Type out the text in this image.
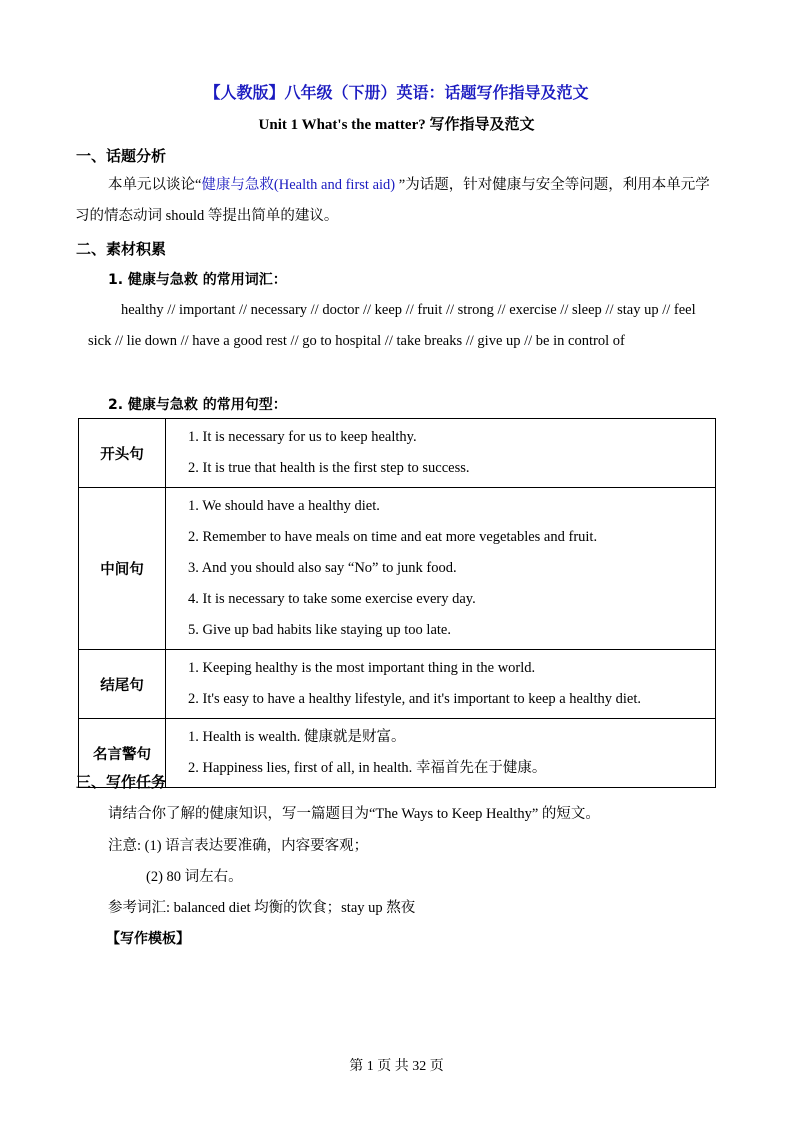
【人教版】八年级（下册）英语：话题写作指导及范文
Unit 1 What's the matter? 写作指导及范文
一、话题分析
本单元以谈论“健康与急救(Health and first aid) ”为话题，针对健康与安全等问题，利用本单元学习的情态动词 should 等提出简单的建议。
二、素材积累
1. 健康与急救 的常用词汇：
healthy // important // necessary // doctor // keep // fruit // strong // exercise // sleep // stay up // feel sick // lie down // have a good rest // go to hospital // take breaks // give up // be in control of
2. 健康与急救 的常用句型：
开头句	1. It is necessary for us to keep healthy.
2. It is true that health is the first step to success.

中间句	1. We should have a healthy diet.
2. Remember to have meals on time and eat more vegetables and fruit.
3. And you should also say “No” to junk food.
4. It is necessary to take some exercise every day.
5. Give up bad habits like staying up too late.

结尾句	1. Keeping healthy is the most important thing in the world.
2. It's easy to have a healthy lifestyle, and it's important to keep a healthy diet.

名言警句	1. Health is wealth. 健康就是财富。
2. Happiness lies, first of all, in health. 幸福首先在于健康。
三、写作任务
请结合你了解的健康知识，写一篇题目为“The Ways to Keep Healthy” 的短文。
注意: (1) 语言表达要准确，内容要客观；
(2) 80 词左右。
参考词汇: balanced diet 均衡的饮食；stay up 熬夜
【写作模板】
第 1 页 共 32 页
